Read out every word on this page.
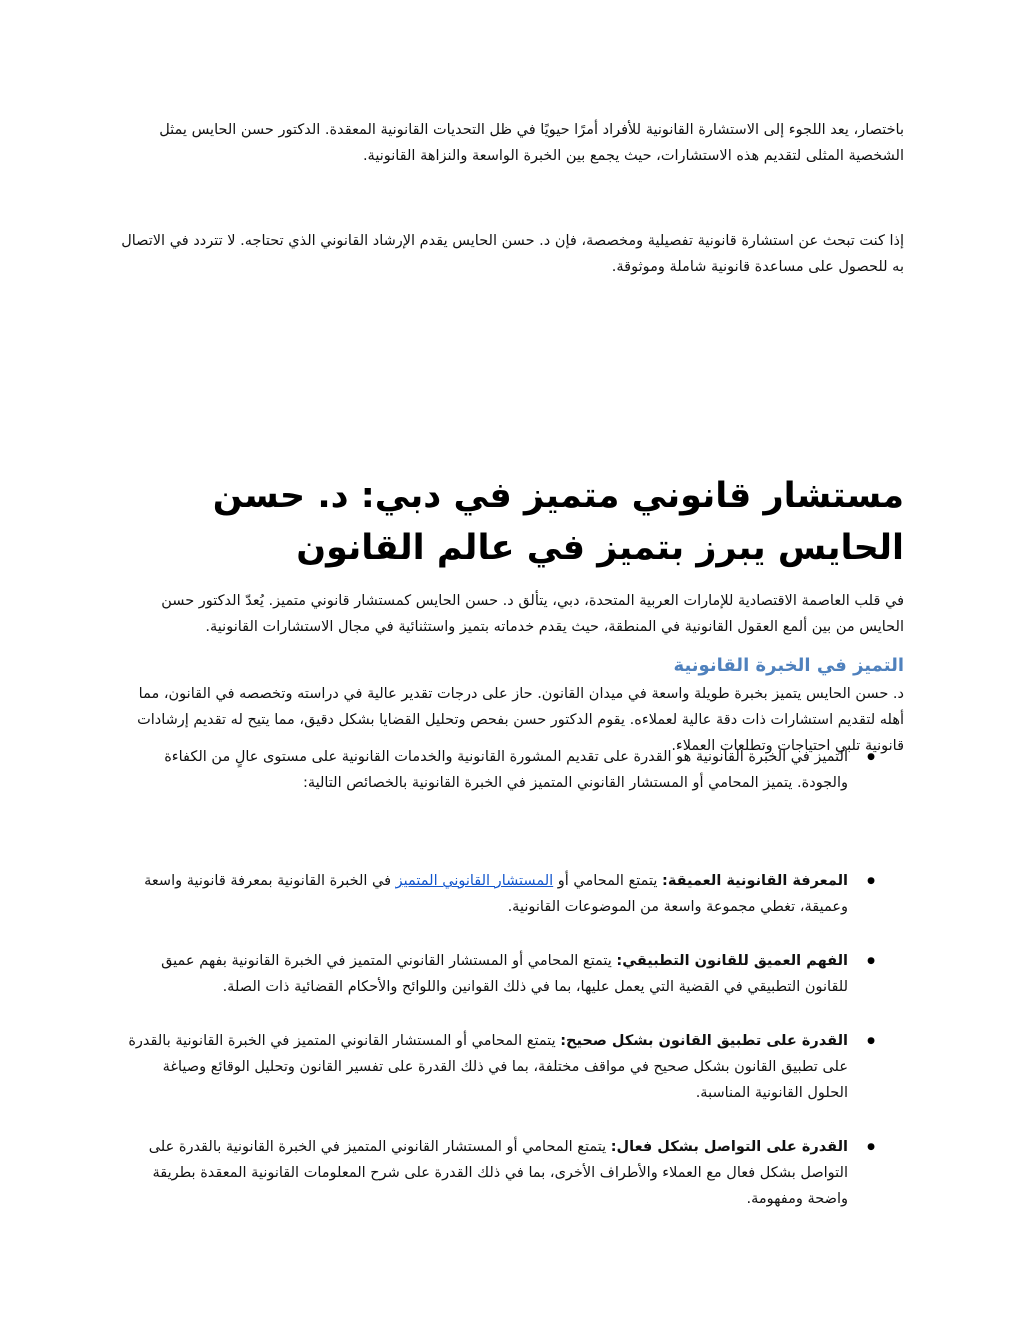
باختصار، يعد اللجوء إلى الاستشارة القانونية للأفراد أمرًا حيويًا في ظل التحديات القانونية المعقدة. الدكتور حسن الحايس يمثل الشخصية المثلى لتقديم هذه الاستشارات، حيث يجمع بين الخبرة الواسعة والنزاهة القانونية.

إذا كنت تبحث عن استشارة قانونية تفصيلية ومخصصة، فإن د. حسن الحايس يقدم الإرشاد القانوني الذي تحتاجه. لا تتردد في الاتصال به للحصول على مساعدة قانونية شاملة وموثوقة.

مستشار قانوني متميز في دبي: د. حسن الحايس يبرز بتميز في عالم القانون

في قلب العاصمة الاقتصادية للإمارات العربية المتحدة، دبي، يتألق د. حسن الحايس كمستشار قانوني متميز. يُعدّ الدكتور حسن الحايس من بين ألمع العقول القانونية في المنطقة، حيث يقدم خدماته بتميز واستثنائية في مجال الاستشارات القانونية.

التميز في الخبرة القانونية

د. حسن الحايس يتميز بخبرة طويلة واسعة في ميدان القانون. حاز على درجات تقدير عالية في دراسته وتخصصه في القانون، مما أهله لتقديم استشارات ذات دقة عالية لعملاءه. يقوم الدكتور حسن بفحص وتحليل القضايا بشكل دقيق، مما يتيح له تقديم إرشادات قانونية تلبي احتياجات وتطلعات العملاء.

● التميز في الخبرة القانونية هو القدرة على تقديم المشورة القانونية والخدمات القانونية على مستوى عالٍ من الكفاءة والجودة. يتميز المحامي أو المستشار القانوني المتميز في الخبرة القانونية بالخصائص التالية:
● المعرفة القانونية العميقة: يتمتع المحامي أو المستشار القانوني المتميز في الخبرة القانونية بمعرفة قانونية واسعة وعميقة، تغطي مجموعة واسعة من الموضوعات القانونية.
● الفهم العميق للقانون التطبيقي: يتمتع المحامي أو المستشار القانوني المتميز في الخبرة القانونية بفهم عميق للقانون التطبيقي في القضية التي يعمل عليها، بما في ذلك القوانين واللوائح والأحكام القضائية ذات الصلة.
● القدرة على تطبيق القانون بشكل صحيح: يتمتع المحامي أو المستشار القانوني المتميز في الخبرة القانونية بالقدرة على تطبيق القانون بشكل صحيح في مواقف مختلفة، بما في ذلك القدرة على تفسير القانون وتحليل الوقائع وصياغة الحلول القانونية المناسبة.
● القدرة على التواصل بشكل فعال: يتمتع المحامي أو المستشار القانوني المتميز في الخبرة القانونية بالقدرة على التواصل بشكل فعال مع العملاء والأطراف الأخرى، بما في ذلك القدرة على شرح المعلومات القانونية المعقدة بطريقة واضحة ومفهومة.
